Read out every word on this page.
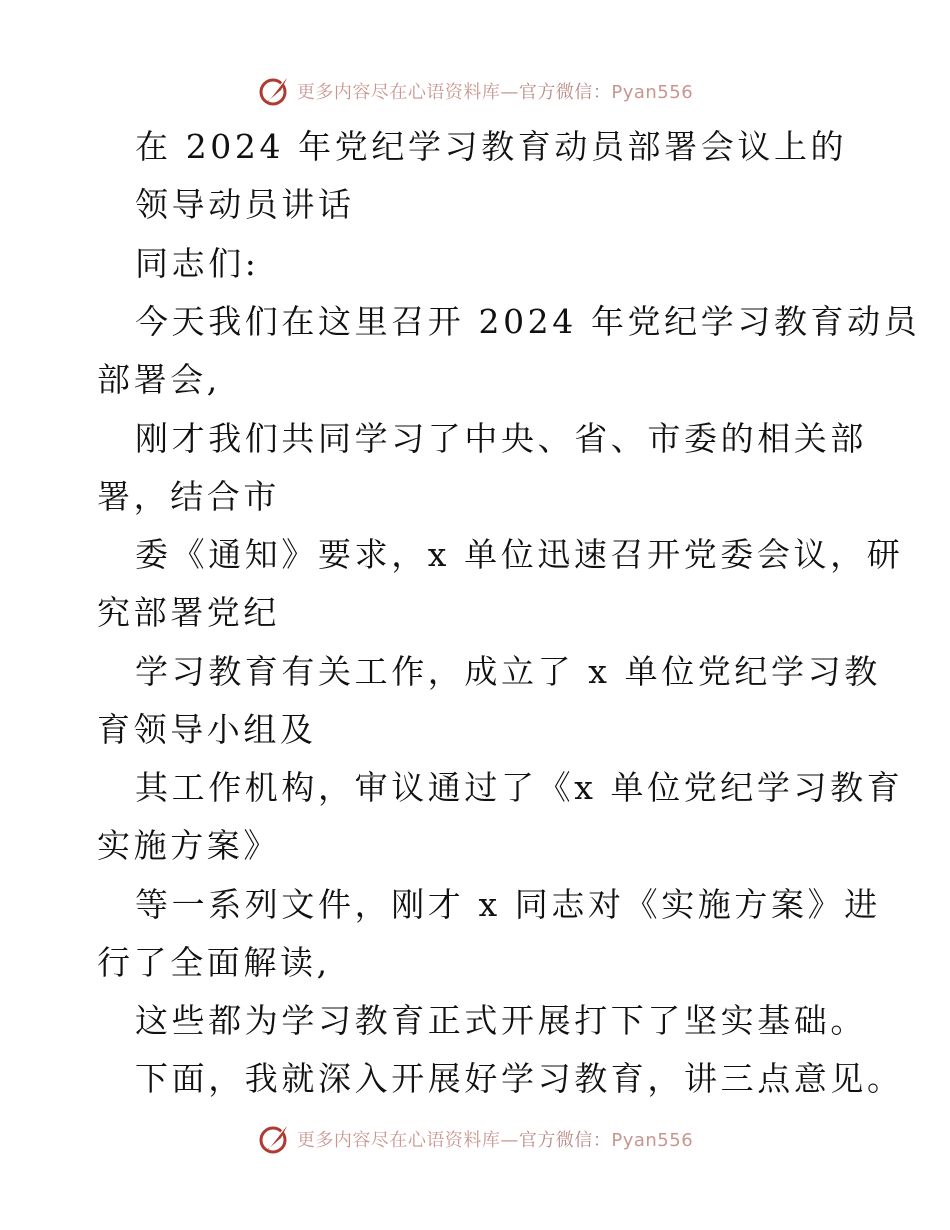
更多内容尽在心语资料库—官方微信：Pyan556
在 2024 年党纪学习教育动员部署会议上的
领导动员讲话
同志们:
今天我们在这里召开 2024 年党纪学习教育动员
部署会,
刚才我们共同学习了中央、省、市委的相关部
署，结合市
委《通知》要求，x 单位迅速召开党委会议，研
究部署党纪
学习教育有关工作，成立了 x 单位党纪学习教
育领导小组及
其工作机构，审议通过了《x 单位党纪学习教育
实施方案》
等一系列文件，刚才 x 同志对《实施方案》进
行了全面解读,
这些都为学习教育正式开展打下了坚实基础。
下面，我就深入开展好学习教育，讲三点意见。
更多内容尽在心语资料库—官方微信：Pyan556
